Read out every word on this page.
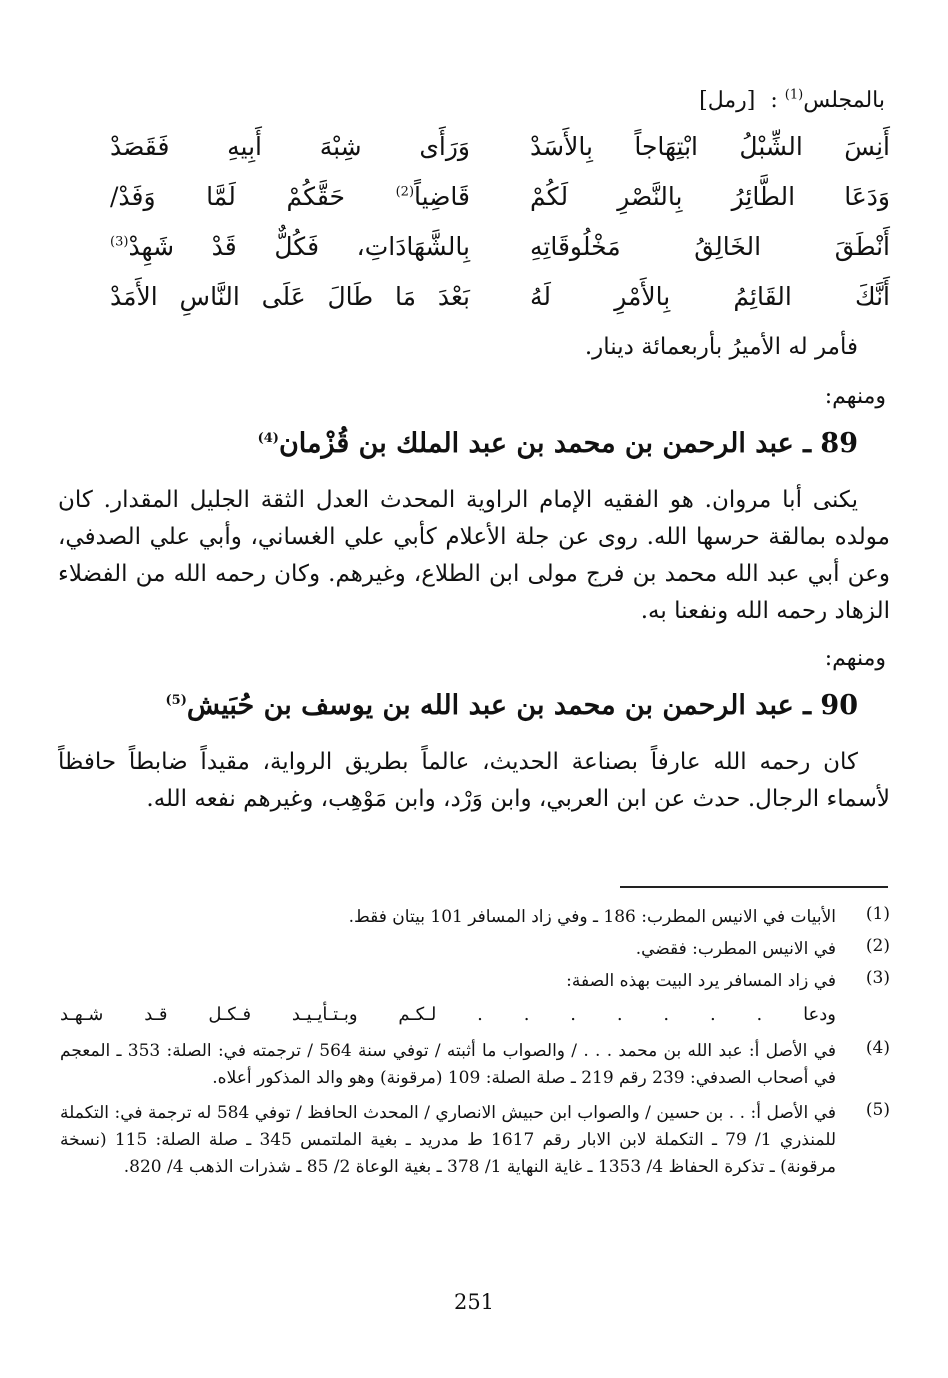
بالمجلس$^{(1)}$ : [رمل]
أَنِسَ الشِّبْلُ ابْتِهَاجاً بِالأَسَدْ
وَرَأَى شِبْهَ أَبِيهِ فَقَصَدْ
وَدَعَا الطَّائِرُ بِالنَّصْرِ لَكُمْ
قَاضِياً$^{(2)}$ حَقَّكُمْ لَمَّا وَفَدْ/
أَنْطَقَ الخَالِقُ مَخْلُوقَاتِهِ
بِالشَّهَادَاتِ، فَكُلٌّ قَدْ شَهِدْ$^{(3)}$
أَنَّكَ القَائِمُ بِالأَمْرِ لَهُ
بَعْدَ مَا طَالَ عَلَى النَّاسِ الأَمَدْ
فأمر له الأميرُ بأربعمائة دينار.
ومنهم:
89 ـ عبد الرحمن بن محمد بن عبد الملك بن قُزْمان$^{(4)}$
يكنى أبا مروان. هو الفقيه الإمام الراوية المحدث العدل الثقة الجليل المقدار. كان مولده بمالقة حرسها الله. روى عن جلة الأعلام كأبي علي الغساني، وأبي علي الصدفي، وعن أبي عبد الله محمد بن فرج مولى ابن الطلاع، وغيرهم. وكان رحمه الله من الفضلاء الزهاد رحمه الله ونفعنا به.
ومنهم:
90 ـ عبد الرحمن بن محمد بن عبد الله بن يوسف بن حُبَيش$^{(5)}$
كان رحمه الله عارفاً بصناعة الحديث، عالماً بطريق الرواية، مقيداً ضابطاً حافظاً لأسماء الرجال. حدث عن ابن العربي، وابن وَرْد، وابن مَوْهِب، وغيرهم نفعه الله.
(1)
الأبيات في الانيس المطرب: 186 ـ وفي زاد المسافر 101 بيتان فقط.
(2)
في الانيس المطرب: فقضي.
(3)
في زاد المسافر يرد البيت بهذه الصفة:
ودعا . . . . . . . لـكـم وبـتـأيـيـد فـكـل قـد شـهـد
(4)
في الأصل أ: عبد الله بن محمد . . . / والصواب ما أثبته / توفي سنة 564 / ترجمته في: الصلة: 353 ـ المعجم في أصحاب الصدفي: 239 رقم 219 ـ صلة الصلة: 109 (مرقونة) وهو والد المذكور أعلاه.
(5)
في الأصل أ: . . بن حسين / والصواب ابن حبيش الانصاري / المحدث الحافظ / توفي 584 له ترجمة في: التكملة للمنذري 1/ 79 ـ التكملة لابن الابار رقم 1617 ط مدريد ـ بغية الملتمس 345 ـ صلة الصلة: 115 (نسخة مرقونة) ـ تذكرة الحفاظ 4/ 1353 ـ غاية النهاية 1/ 378 ـ بغية الوعاة 2/ 85 ـ شذرات الذهب 4/ 820.
251
